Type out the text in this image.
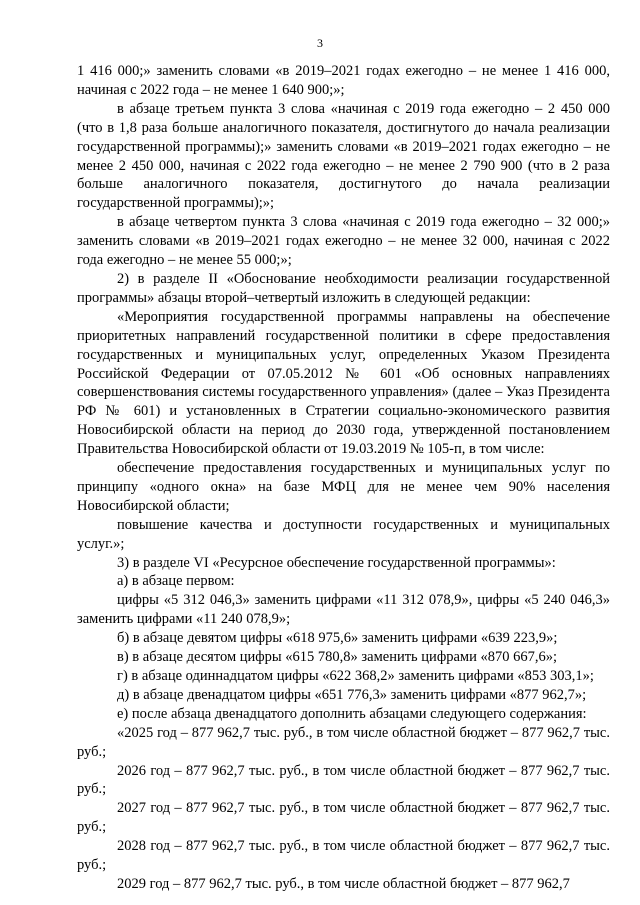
3

1 416 000;» заменить словами «в 2019–2021 годах ежегодно – не менее 1 416 000, начиная с 2022 года – не менее 1 640 900;»;

в абзаце третьем пункта 3 слова «начиная с 2019 года ежегодно – 2 450 000 (что в 1,8 раза больше аналогичного показателя, достигнутого до начала реализации государственной программы);» заменить словами «в 2019–2021 годах ежегодно – не менее 2 450 000, начиная с 2022 года ежегодно – не менее 2 790 900 (что в 2 раза больше аналогичного показателя, достигнутого до начала реализации государственной программы);»;

в абзаце четвертом пункта 3 слова «начиная с 2019 года ежегодно – 32 000;» заменить словами «в 2019–2021 годах ежегодно – не менее 32 000, начиная с 2022 года ежегодно – не менее 55 000;»;

2) в разделе II «Обоснование необходимости реализации государственной программы» абзацы второй–четвертый изложить в следующей редакции:

«Мероприятия государственной программы направлены на обеспечение приоритетных направлений государственной политики в сфере предоставления государственных и муниципальных услуг, определенных Указом Президента Российской Федерации от 07.05.2012 № 601 «Об основных направлениях совершенствования системы государственного управления» (далее – Указ Президента РФ № 601) и установленных в Стратегии социально-экономического развития Новосибирской области на период до 2030 года, утвержденной постановлением Правительства Новосибирской области от 19.03.2019 № 105-п, в том числе:

обеспечение предоставления государственных и муниципальных услуг по принципу «одного окна» на базе МФЦ для не менее чем 90% населения Новосибирской области;

повышение качества и доступности государственных и муниципальных услуг.»;

3) в разделе VI «Ресурсное обеспечение государственной программы»:

а) в абзаце первом:

цифры «5 312 046,3» заменить цифрами «11 312 078,9», цифры «5 240 046,3» заменить цифрами «11 240 078,9»;

б) в абзаце девятом цифры «618 975,6» заменить цифрами «639 223,9»;

в) в абзаце десятом цифры «615 780,8» заменить цифрами «870 667,6»;

г) в абзаце одиннадцатом цифры «622 368,2» заменить цифрами «853 303,1»;

д) в абзаце двенадцатом цифры «651 776,3» заменить цифрами «877 962,7»;

е) после абзаца двенадцатого дополнить абзацами следующего содержания:

«2025 год – 877 962,7 тыс. руб., в том числе областной бюджет – 877 962,7 тыс. руб.;

2026 год – 877 962,7 тыс. руб., в том числе областной бюджет – 877 962,7 тыс. руб.;

2027 год – 877 962,7 тыс. руб., в том числе областной бюджет – 877 962,7 тыс. руб.;

2028 год – 877 962,7 тыс. руб., в том числе областной бюджет – 877 962,7 тыс. руб.;

2029 год – 877 962,7 тыс. руб., в том числе областной бюджет – 877 962,7
